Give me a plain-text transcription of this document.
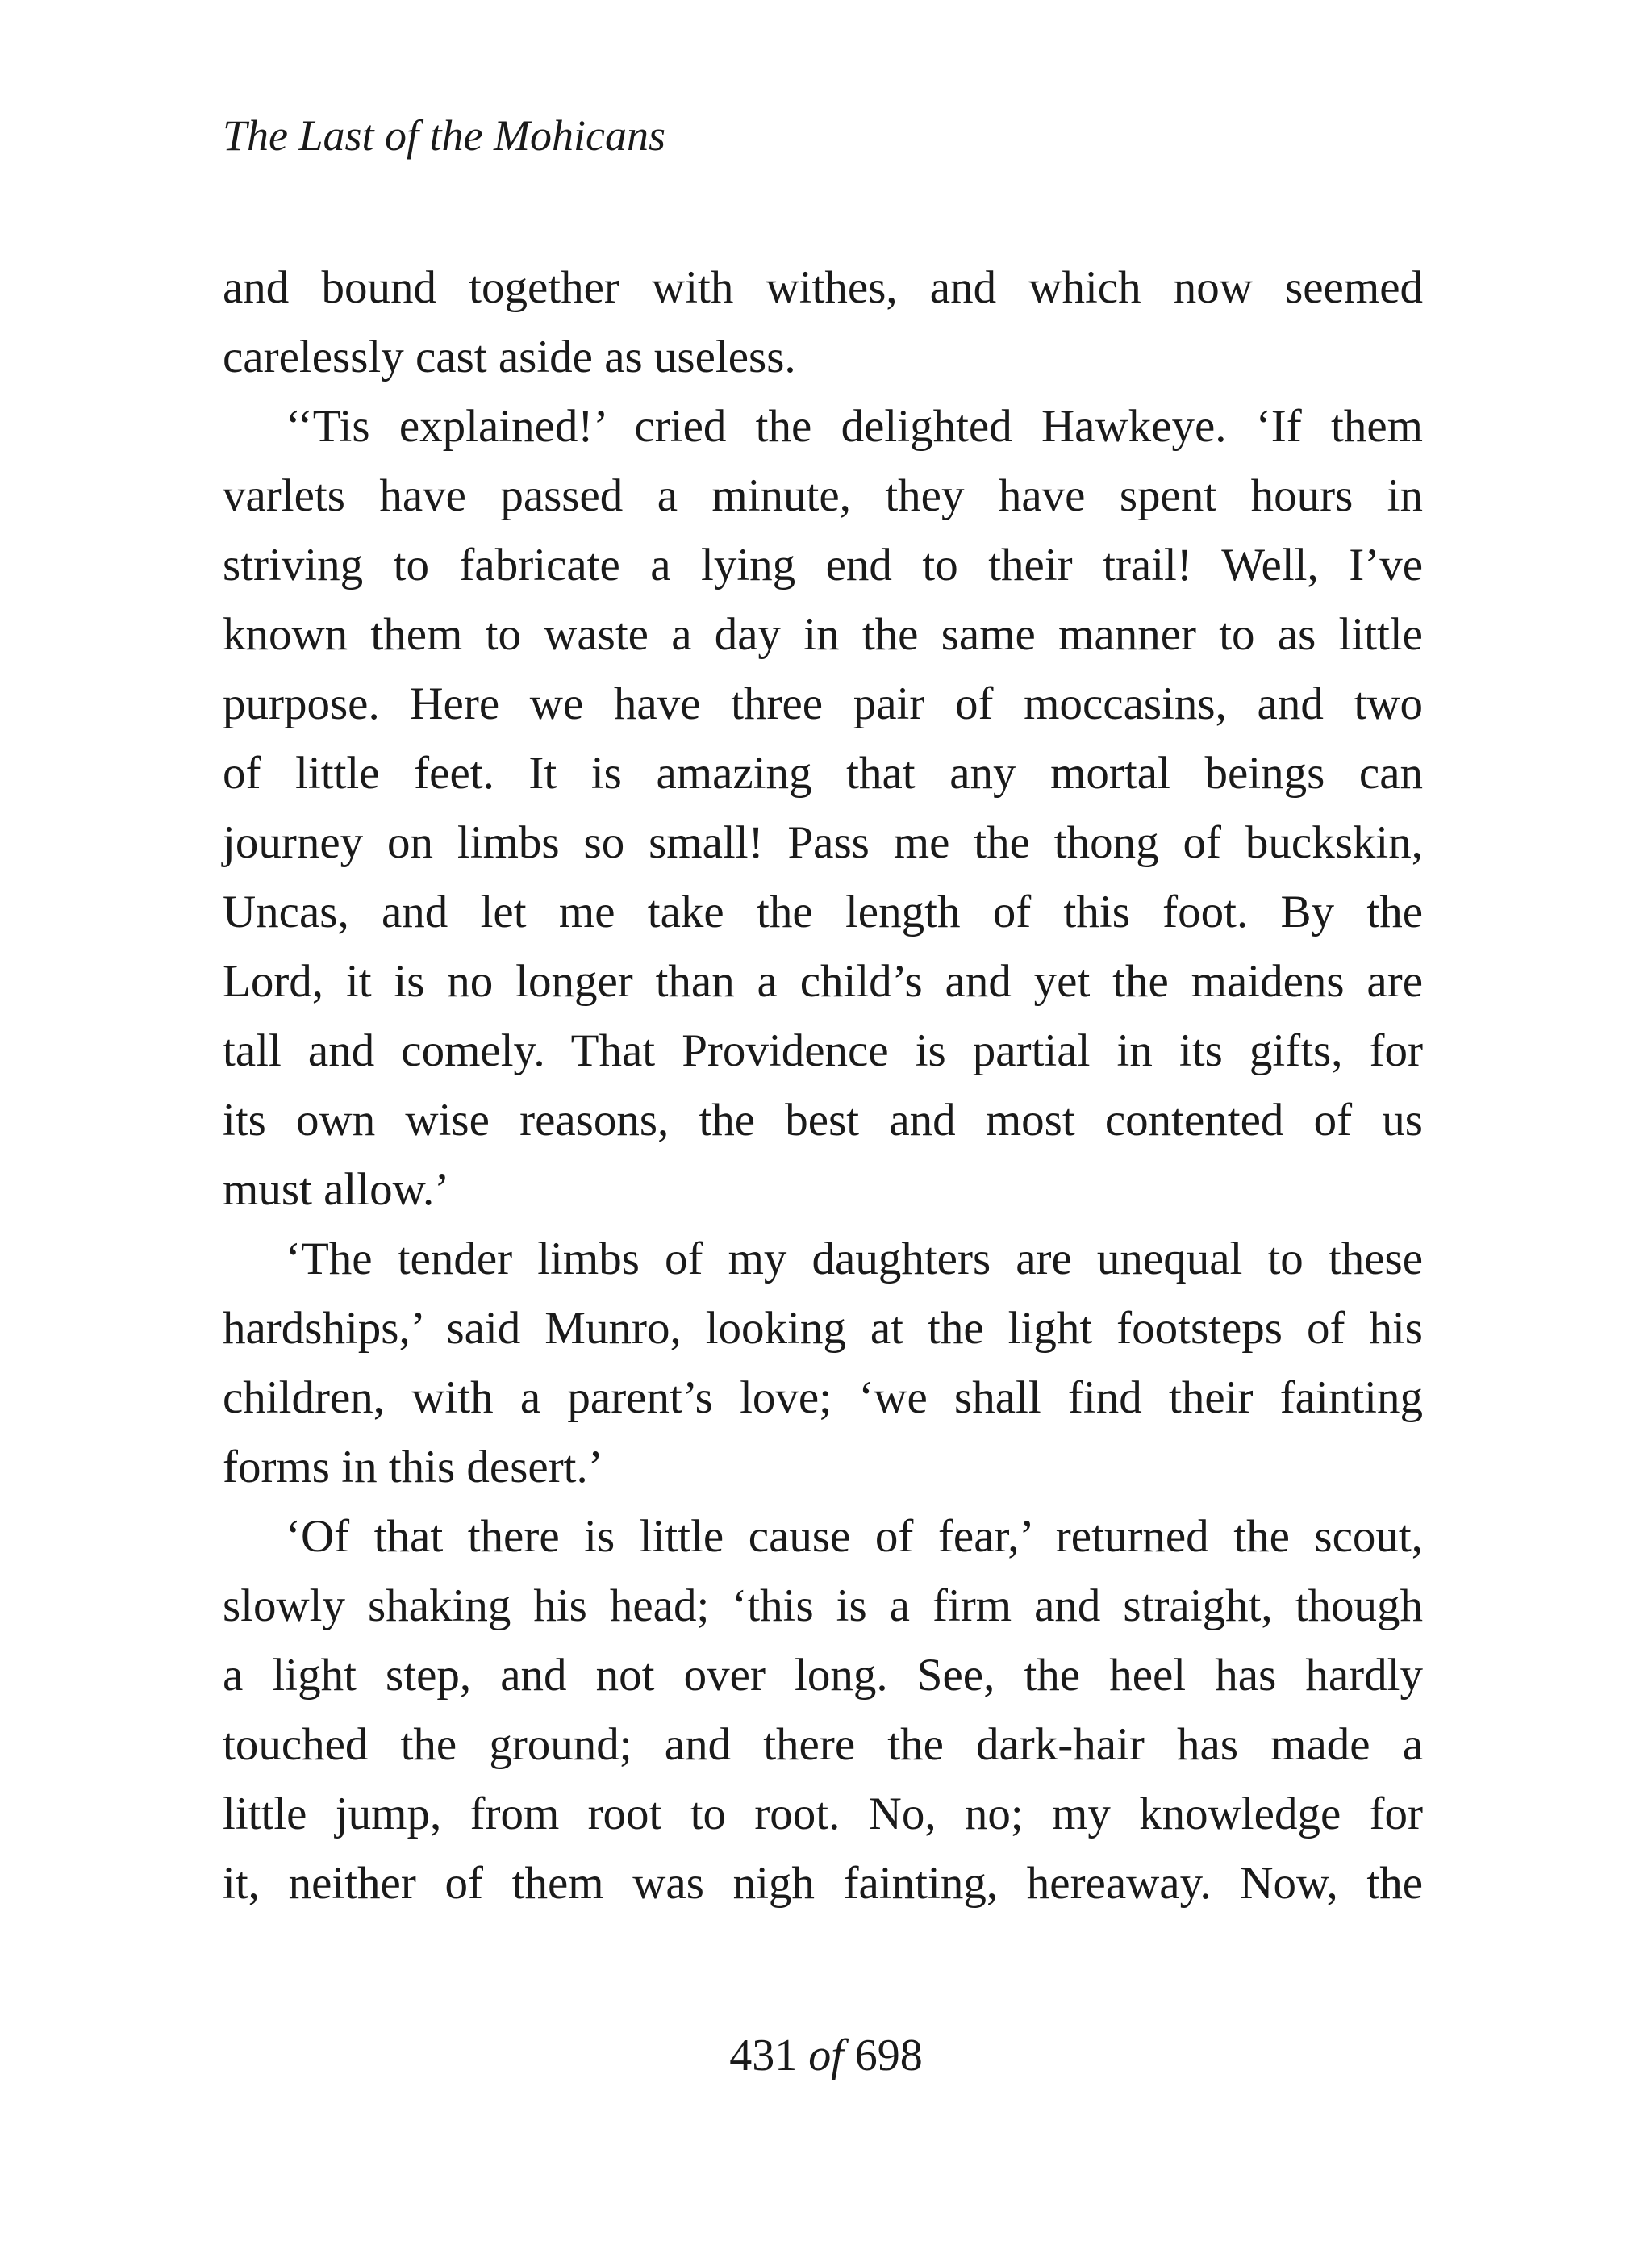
The Last of the Mohicans
and bound together with withes, and which now seemed
carelessly cast aside as useless.
‘‘Tis explained!’ cried the delighted Hawkeye. ‘If them
varlets have passed a minute, they have spent hours in
striving to fabricate a lying end to their trail! Well, I’ve
known them to waste a day in the same manner to as little
purpose. Here we have three pair of moccasins, and two
of little feet. It is amazing that any mortal beings can
journey on limbs so small! Pass me the thong of buckskin,
Uncas, and let me take the length of this foot. By the
Lord, it is no longer than a child’s and yet the maidens are
tall and comely. That Providence is partial in its gifts, for
its own wise reasons, the best and most contented of us
must allow.’
‘The tender limbs of my daughters are unequal to these
hardships,’ said Munro, looking at the light footsteps of his
children, with a parent’s love; ‘we shall find their fainting
forms in this desert.’
‘Of that there is little cause of fear,’ returned the scout,
slowly shaking his head; ‘this is a firm and straight, though
a light step, and not over long. See, the heel has hardly
touched the ground; and there the dark-hair has made a
little jump, from root to root. No, no; my knowledge for
it, neither of them was nigh fainting, hereaway. Now, the
431 of 698
